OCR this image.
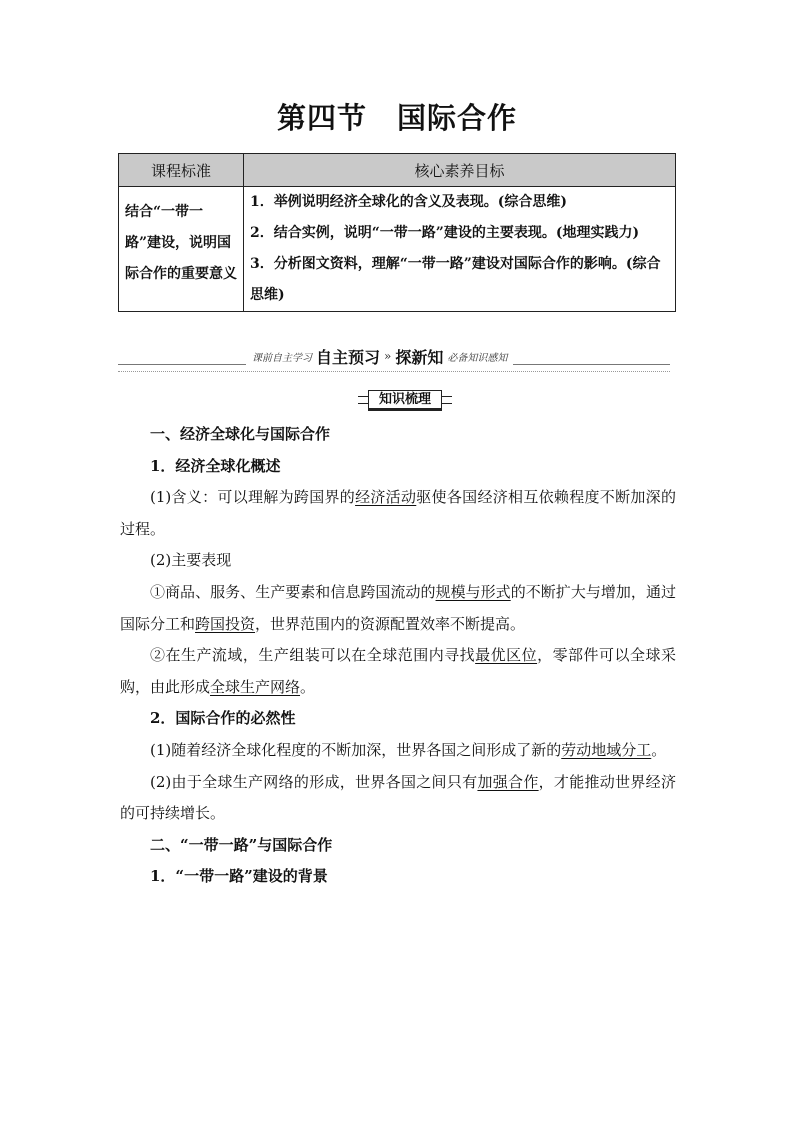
第四节　国际合作
课程标准	核心素养目标
结合“一带一路”建设，说明国际合作的重要意义	1．举例说明经济全球化的含义及表现。(综合思维)
2．结合实例，说明“一带一路”建设的主要表现。(地理实践力)
3．分析图文资料，理解“一带一路”建设对国际合作的影响。(综合思维)
课前自主学习 自主预习 » 探新知 必备知识感知
知识梳理

一、经济全球化与国际合作

1．经济全球化概述

(1)含义：可以理解为跨国界的经济活动驱使各国经济相互依赖程度不断加深的过程。

(2)主要表现

①商品、服务、生产要素和信息跨国流动的规模与形式的不断扩大与增加，通过国际分工和跨国投资，世界范围内的资源配置效率不断提高。

②在生产流域，生产组装可以在全球范围内寻找最优区位，零部件可以全球采购，由此形成全球生产网络。

2．国际合作的必然性

(1)随着经济全球化程度的不断加深，世界各国之间形成了新的劳动地域分工。

(2)由于全球生产网络的形成，世界各国之间只有加强合作，才能推动世界经济的可持续增长。

二、“一带一路”与国际合作

1．“一带一路”建设的背景
